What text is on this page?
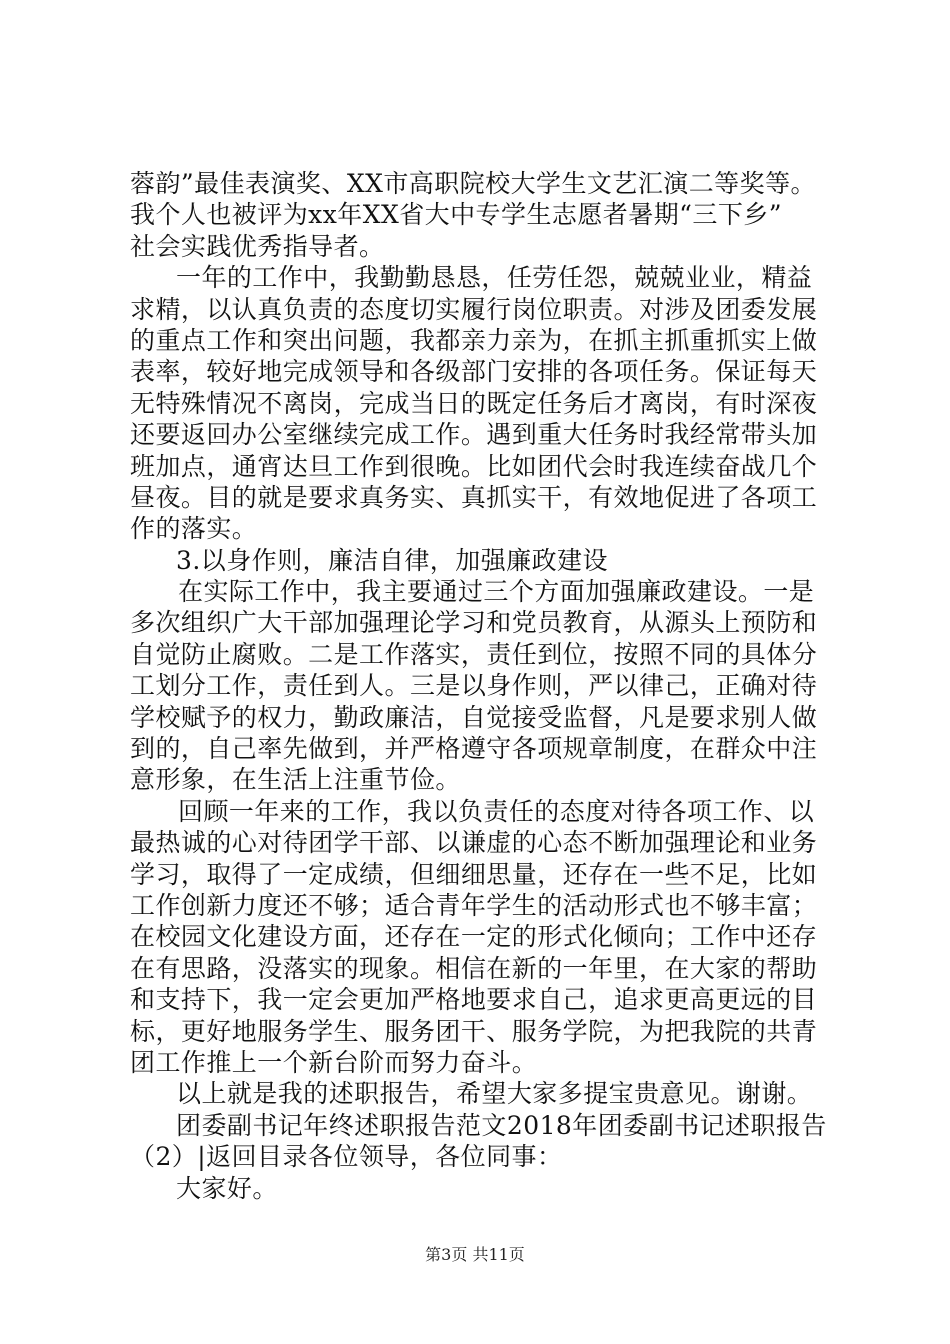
蓉韵”最佳表演奖、XX市高职院校大学生文艺汇演二等奖等。
我个人也被评为xx年XX省大中专学生志愿者暑期“三下乡”
社会实践优秀指导者。
一年的工作中，我勤勤恳恳，任劳任怨，兢兢业业，精益
求精，以认真负责的态度切实履行岗位职责。对涉及团委发展
的重点工作和突出问题，我都亲力亲为，在抓主抓重抓实上做
表率，较好地完成领导和各级部门安排的各项任务。保证每天
无特殊情况不离岗，完成当日的既定任务后才离岗，有时深夜
还要返回办公室继续完成工作。遇到重大任务时我经常带头加
班加点，通宵达旦工作到很晚。比如团代会时我连续奋战几个
昼夜。目的就是要求真务实、真抓实干，有效地促进了各项工
作的落实。
3.以身作则，廉洁自律，加强廉政建设
在实际工作中，我主要通过三个方面加强廉政建设。一是
多次组织广大干部加强理论学习和党员教育，从源头上预防和
自觉防止腐败。二是工作落实，责任到位，按照不同的具体分
工划分工作，责任到人。三是以身作则，严以律己，正确对待
学校赋予的权力，勤政廉洁，自觉接受监督，凡是要求别人做
到的，自己率先做到，并严格遵守各项规章制度，在群众中注
意形象，在生活上注重节俭。
回顾一年来的工作，我以负责任的态度对待各项工作、以
最热诚的心对待团学干部、以谦虚的心态不断加强理论和业务
学习，取得了一定成绩，但细细思量，还存在一些不足，比如
工作创新力度还不够；适合青年学生的活动形式也不够丰富；
在校园文化建设方面，还存在一定的形式化倾向；工作中还存
在有思路，没落实的现象。相信在新的一年里，在大家的帮助
和支持下，我一定会更加严格地要求自己，追求更高更远的目
标，更好地服务学生、服务团干、服务学院，为把我院的共青
团工作推上一个新台阶而努力奋斗。
以上就是我的述职报告，希望大家多提宝贵意见。谢谢。
团委副书记年终述职报告范文2018年团委副书记述职报告
（2）|返回目录各位领导，各位同事：
大家好。
第3页 共11页
